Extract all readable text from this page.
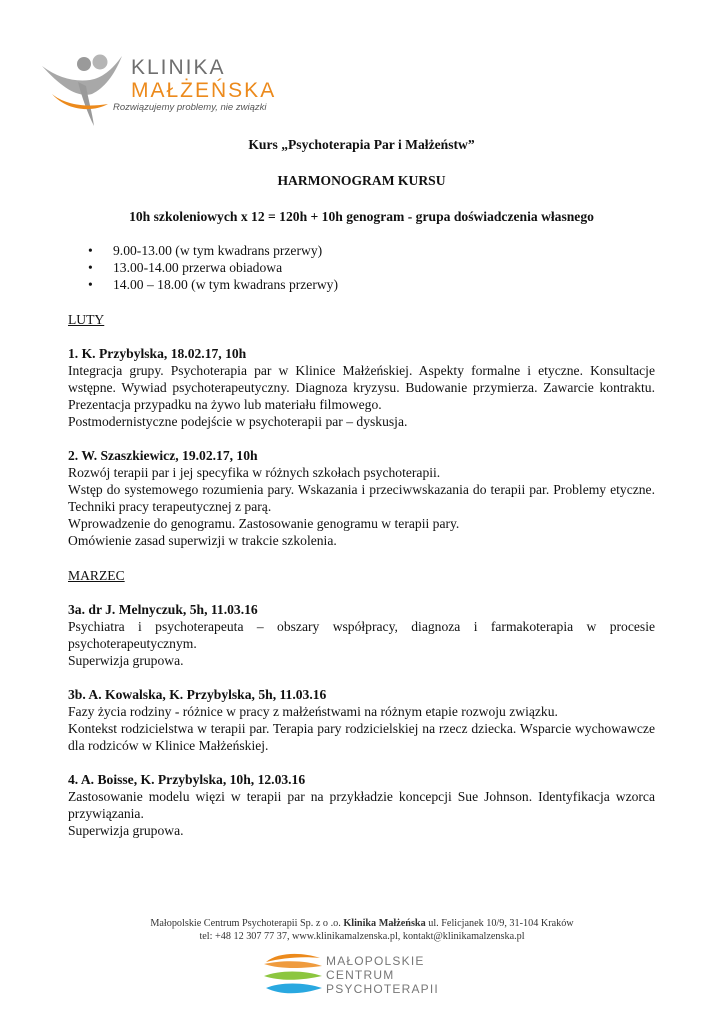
KLINIKA
MAŁŻEŃSKA
Rozwiązujemy problemy, nie związki
Kurs „Psychoterapia Par i Małżeństw”
HARMONOGRAM KURSU
10h szkoleniowych x 12 = 120h + 10h genogram - grupa doświadczenia własnego
• 9.00-13.00 (w tym kwadrans przerwy)
• 13.00-14.00 przerwa obiadowa
• 14.00 – 18.00 (w tym kwadrans przerwy)
LUTY
1. K. Przybylska, 18.02.17, 10h

Integracja grupy. Psychoterapia par w Klinice Małżeńskiej. Aspekty formalne i etyczne. Konsultacje wstępne. Wywiad psychoterapeutyczny. Diagnoza kryzysu. Budowanie przymierza. Zawarcie kontraktu. Prezentacja przypadku na żywo lub materiału filmowego.

Postmodernistyczne podejście w psychoterapii par – dyskusja.

2. W. Szaszkiewicz, 19.02.17, 10h

Rozwój terapii par i jej specyfika w różnych szkołach psychoterapii.

Wstęp do systemowego rozumienia pary. Wskazania i przeciwwskazania do terapii par. Problemy etyczne. Techniki pracy terapeutycznej z parą.

Wprowadzenie do genogramu. Zastosowanie genogramu w terapii pary.

Omówienie zasad superwizji w trakcie szkolenia.

MARZEC
3a. dr J. Melnyczuk, 5h, 11.03.16

Psychiatra i psychoterapeuta – obszary współpracy, diagnoza i farmakoterapia w procesie psychoterapeutycznym.

Superwizja grupowa.

3b. A. Kowalska, K. Przybylska, 5h, 11.03.16

Fazy życia rodziny - różnice w pracy z małżeństwami na różnym etapie rozwoju związku.

Kontekst rodzicielstwa w terapii par. Terapia pary rodzicielskiej na rzecz dziecka. Wsparcie wychowawcze dla rodziców w Klinice Małżeńskiej.

4. A. Boisse, K. Przybylska, 10h, 12.03.16

Zastosowanie modelu więzi w terapii par na przykładzie koncepcji Sue Johnson. Identyfikacja wzorca przywiązania.

Superwizja grupowa.

Małopolskie Centrum Psychoterapii Sp. z o .o. Klinika Małżeńska ul. Felicjanek 10/9, 31-104 Kraków
tel: +48 12 307 77 37, www.klinikamalzenska.pl, kontakt@klinikamalzenska.pl
MAŁOPOLSKIE
CENTRUM
PSYCHOTERAPII
